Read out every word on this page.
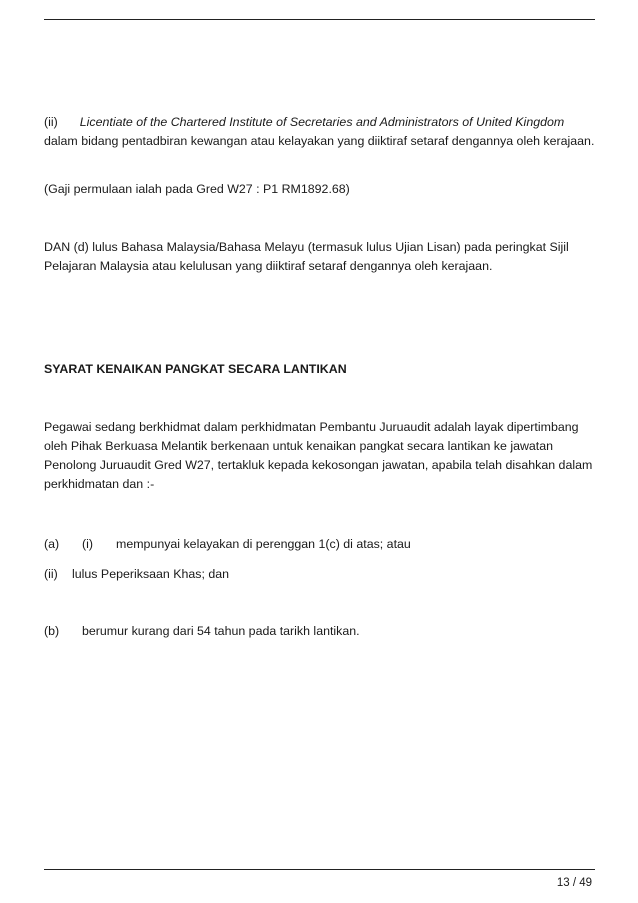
(ii) Licentiate of the Chartered Institute of Secretaries and Administrators of United Kingdom dalam bidang pentadbiran kewangan atau kelayakan yang diiktiraf setaraf dengannya oleh kerajaan.

(Gaji permulaan ialah pada Gred W27 : P1 RM1892.68)

DAN (d) lulus Bahasa Malaysia/Bahasa Melayu (termasuk lulus Ujian Lisan) pada peringkat Sijil Pelajaran Malaysia atau kelulusan yang diiktiraf setaraf dengannya oleh kerajaan.

SYARAT KENAIKAN PANGKAT SECARA LANTIKAN

Pegawai sedang berkhidmat dalam perkhidmatan Pembantu Juruaudit adalah layak dipertimbang oleh Pihak Berkuasa Melantik berkenaan untuk kenaikan pangkat secara lantikan ke jawatan Penolong Juruaudit Gred W27, tertakluk kepada kekosongan jawatan, apabila telah disahkan dalam perkhidmatan dan :-

(a) (i) mempunyai kelayakan di perenggan 1(c) di atas; atau
(ii) lulus Peperiksaan Khas; dan
(b) berumur kurang dari 54 tahun pada tarikh lantikan.
13 / 49
